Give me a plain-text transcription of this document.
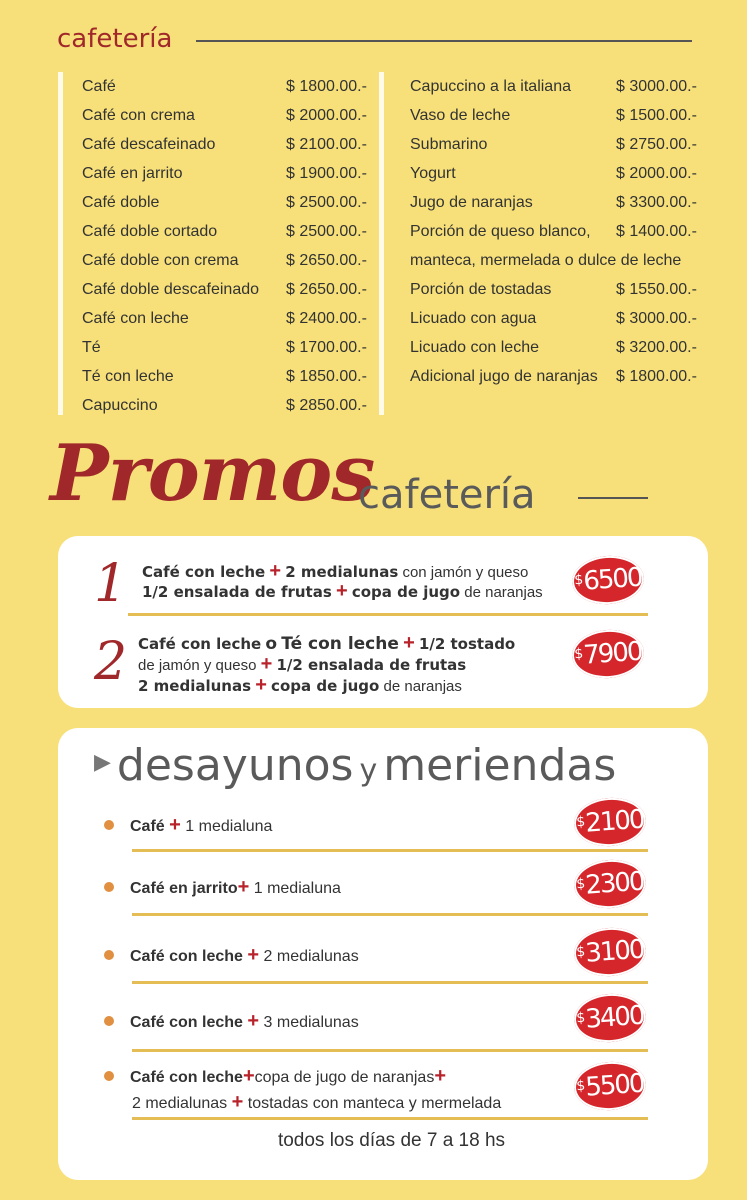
cafetería
Café	$ 1800.00.-
Café con crema	$ 2000.00.-
Café descafeinado	$ 2100.00.-
Café en jarrito	$ 1900.00.-
Café doble	$ 2500.00.-
Café doble cortado	$ 2500.00.-
Café doble con crema	$ 2650.00.-
Café doble descafeinado $ 2650.00.-
Café con leche	$ 2400.00.-
Té	$ 1700.00.-
Té con leche	$ 1850.00.-
Capuccino	$ 2850.00.-
Capuccino a la italiana	$ 3000.00.-
Vaso de leche	$ 1500.00.-
Submarino	$ 2750.00.-
Yogurt	$ 2000.00.-
Jugo de naranjas	$ 3300.00.-
Porción de queso blanco, $ 1400.00.-
manteca, mermelada o dulce de leche
Porción de tostadas	$ 1550.00.-
Licuado con agua	$ 3000.00.-
Licuado con leche	$ 3200.00.-
Adicional jugo de naranjas $ 1800.00.-
Promos
cafetería
1 Café con leche + 2 medialunas con jamón y queso
1/2 ensalada de frutas + copa de jugo de naranjas
$6500
2 Café con leche o Té con leche + 1/2 tostado
de jamón y queso + 1/2 ensalada de frutas
2 medialunas + copa de jugo de naranjas
$7900
▶ desayunos y meriendas
Café + 1 medialuna	$2100
Café en jarrito+ 1 medialuna	$2300
Café con leche + 2 medialunas	$3100
Café con leche + 3 medialunas	$3400
Café con leche+copa de jugo de naranjas+
2 medialunas + tostadas con manteca y mermelada
$5500
todos los días de 7 a 18 hs
